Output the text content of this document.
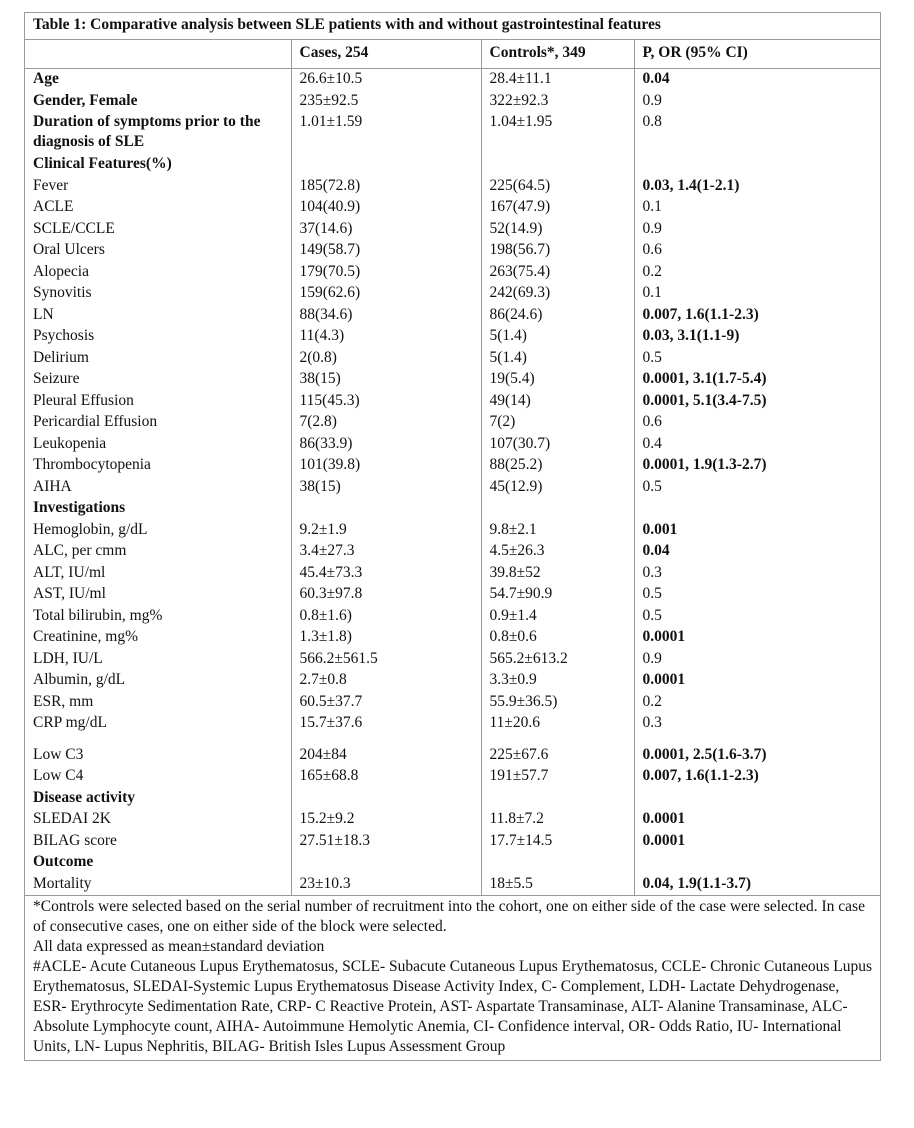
Table 1: Comparative analysis between SLE patients with and without gastrointestinal features			
	Cases, 254	Controls*, 349	P, OR (95% CI)
Age	26.6±10.5	28.4±11.1	0.04
Gender, Female	235±92.5	322±92.3	0.9
Duration of symptoms prior to the diagnosis of SLE	1.01±1.59	1.04±1.95	0.8
Clinical Features(%)			
Fever	185(72.8)	225(64.5)	0.03, 1.4(1-2.1)
ACLE	104(40.9)	167(47.9)	0.1
SCLE/CCLE	37(14.6)	52(14.9)	0.9
Oral Ulcers	149(58.7)	198(56.7)	0.6
Alopecia	179(70.5)	263(75.4)	0.2
Synovitis	159(62.6)	242(69.3)	0.1
LN	88(34.6)	86(24.6)	0.007, 1.6(1.1-2.3)
Psychosis	11(4.3)	5(1.4)	0.03, 3.1(1.1-9)
Delirium	2(0.8)	5(1.4)	0.5
Seizure	38(15)	19(5.4)	0.0001, 3.1(1.7-5.4)
Pleural Effusion	115(45.3)	49(14)	0.0001, 5.1(3.4-7.5)
Pericardial Effusion	7(2.8)	7(2)	0.6
Leukopenia	86(33.9)	107(30.7)	0.4
Thrombocytopenia	101(39.8)	88(25.2)	0.0001, 1.9(1.3-2.7)
AIHA	38(15)	45(12.9)	0.5
Investigations			
Hemoglobin, g/dL	9.2±1.9	9.8±2.1	0.001
ALC, per cmm	3.4±27.3	4.5±26.3	0.04
ALT, IU/ml	45.4±73.3	39.8±52	0.3
AST, IU/ml	60.3±97.8	54.7±90.9	0.5
Total bilirubin, mg%	0.8±1.6)	0.9±1.4	0.5
Creatinine, mg%	1.3±1.8)	0.8±0.6	0.0001
LDH, IU/L	566.2±561.5	565.2±613.2	0.9
Albumin, g/dL	2.7±0.8	3.3±0.9	0.0001
ESR, mm	60.5±37.7	55.9±36.5)	0.2
CRP mg/dL	15.7±37.6	11±20.6	0.3

Low C3	204±84	225±67.6	0.0001, 2.5(1.6-3.7)
Low C4	165±68.8	191±57.7	0.007, 1.6(1.1-2.3)
Disease activity			
SLEDAI 2K	15.2±9.2	11.8±7.2	0.0001
BILAG score	27.51±18.3	17.7±14.5	0.0001
Outcome			
Mortality	23±10.3	18±5.5	0.04, 1.9(1.1-3.7)

*Controls were selected based on the serial number of recruitment into the cohort, one on either side of the case were selected. In case of consecutive cases, one on either side of the block were selected.
All data expressed as mean±standard deviation
#ACLE- Acute Cutaneous Lupus Erythematosus, SCLE- Subacute Cutaneous Lupus Erythematosus, CCLE- Chronic Cutaneous Lupus Erythematosus, SLEDAI-Systemic Lupus Erythematosus Disease Activity Index, C- Complement, LDH- Lactate Dehydrogenase, ESR- Erythrocyte Sedimentation Rate, CRP- C Reactive Protein, AST- Aspartate Transaminase, ALT- Alanine Transaminase, ALC- Absolute Lymphocyte count, AIHA- Autoimmune Hemolytic Anemia, CI- Confidence interval, OR- Odds Ratio, IU- International Units, LN- Lupus Nephritis, BILAG- British Isles Lupus Assessment Group			
